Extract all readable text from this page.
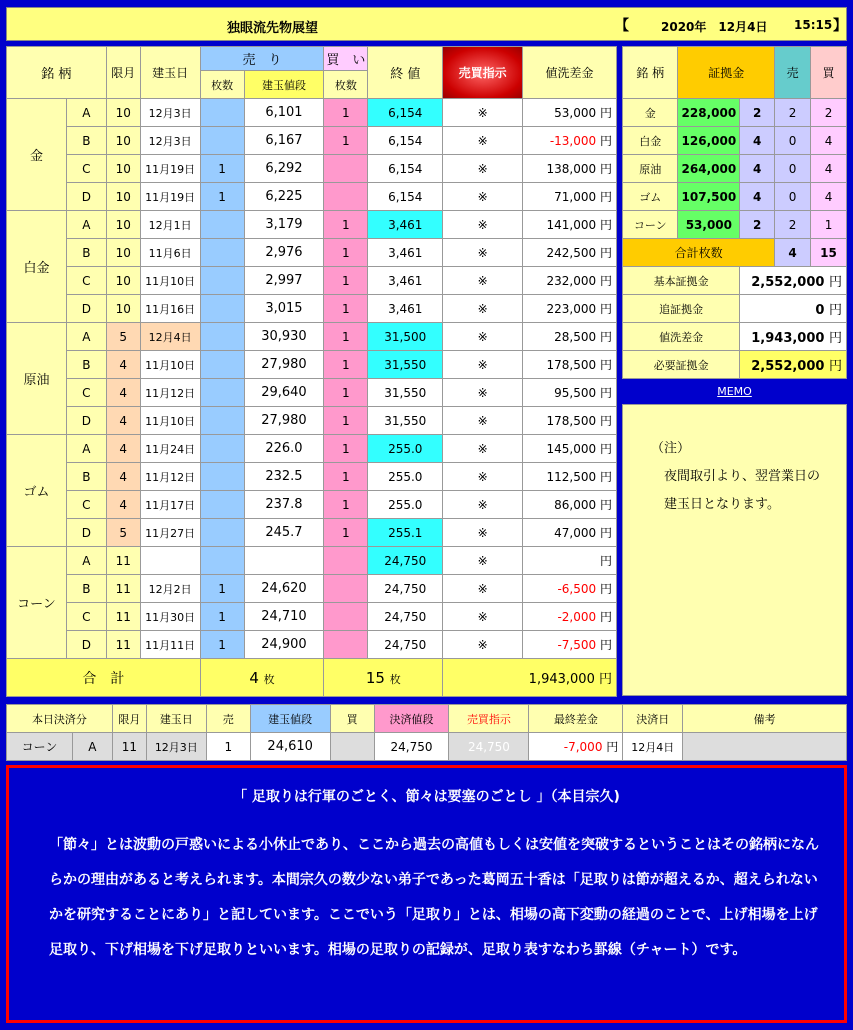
独眼流先物展望	【	2020年　12月4日 15:15 】
銘 柄		限月	建玉日	売　り		買　い	終 値	売買指示	値洗差金
				枚数	建玉値段	枚数			
金	A	10	12月3日		6,101	1	6,154	※	53,000 円
	B	10	12月3日		6,167	1	6,154	※	-13,000 円
	C	10	11月19日	1	6,292		6,154	※	138,000 円
	D	10	11月19日	1	6,225		6,154	※	71,000 円
白金	A	10	12月1日		3,179	1	3,461	※	141,000 円
	B	10	11月6日		2,976	1	3,461	※	242,500 円
	C	10	11月10日		2,997	1	3,461	※	232,000 円
	D	10	11月16日		3,015	1	3,461	※	223,000 円
原油	A	5	12月4日		30,930	1	31,500	※	28,500 円
	B	4	11月10日		27,980	1	31,550	※	178,500 円
	C	4	11月12日		29,640	1	31,550	※	95,500 円
	D	4	11月10日		27,980	1	31,550	※	178,500 円
ゴム	A	4	11月24日		226.0	1	255.0	※	145,000 円
	B	4	11月12日		232.5	1	255.0	※	112,500 円
	C	4	11月17日		237.8	1	255.0	※	86,000 円
	D	5	11月27日		245.7	1	255.1	※	47,000 円
コーン	A	11					24,750	※	円
	B	11	12月2日	1	24,620		24,750	※	-6,500 円
	C	11	11月30日	1	24,710		24,750	※	-2,000 円
	D	11	11月11日	1	24,900		24,750	※	-7,500 円
合　計				4 枚		15 枚		1,943,000 円	
銘 柄	証拠金		売	買
金	228,000	2	2	2
白金	126,000	4	0	4
原油	264,000	4	0	4
ゴム	107,500	4	0	4
コーン	53,000	2	2	1
合計枚数			4	15
基本証拠金		2,552,000 円		
追証拠金		0 円		
値洗差金		1,943,000 円		
必要証拠金		2,552,000 円		
MEMO
（注）
　夜間取引より、翌営業日の
　建玉日となります。
本日決済分		限月	建玉日	売	建玉値段	買	決済値段	売買指示	最終差金	決済日	備考
コーン	A	11	12月3日	1	24,610		24,750	24,750	-7,000 円	12月4日	
「 足取りは行軍のごとく、節々は要塞のごとし 」（本目宗久)
「節々」とは波動の戸惑いによる小休止であり、ここから過去の高値もしくは安値を突破するということはその銘柄になんらかの理由があると考えられます。本間宗久の数少ない弟子であった葛岡五十香は「足取りは節が超えるか、超えられないかを研究することにあり」と記しています。ここでいう「足取り」とは、相場の高下変動の経過のことで、上げ相場を上げ足取り、下げ相場を下げ足取りといいます。相場の足取りの記録が、足取り表すなわち罫線（チャート）です。
